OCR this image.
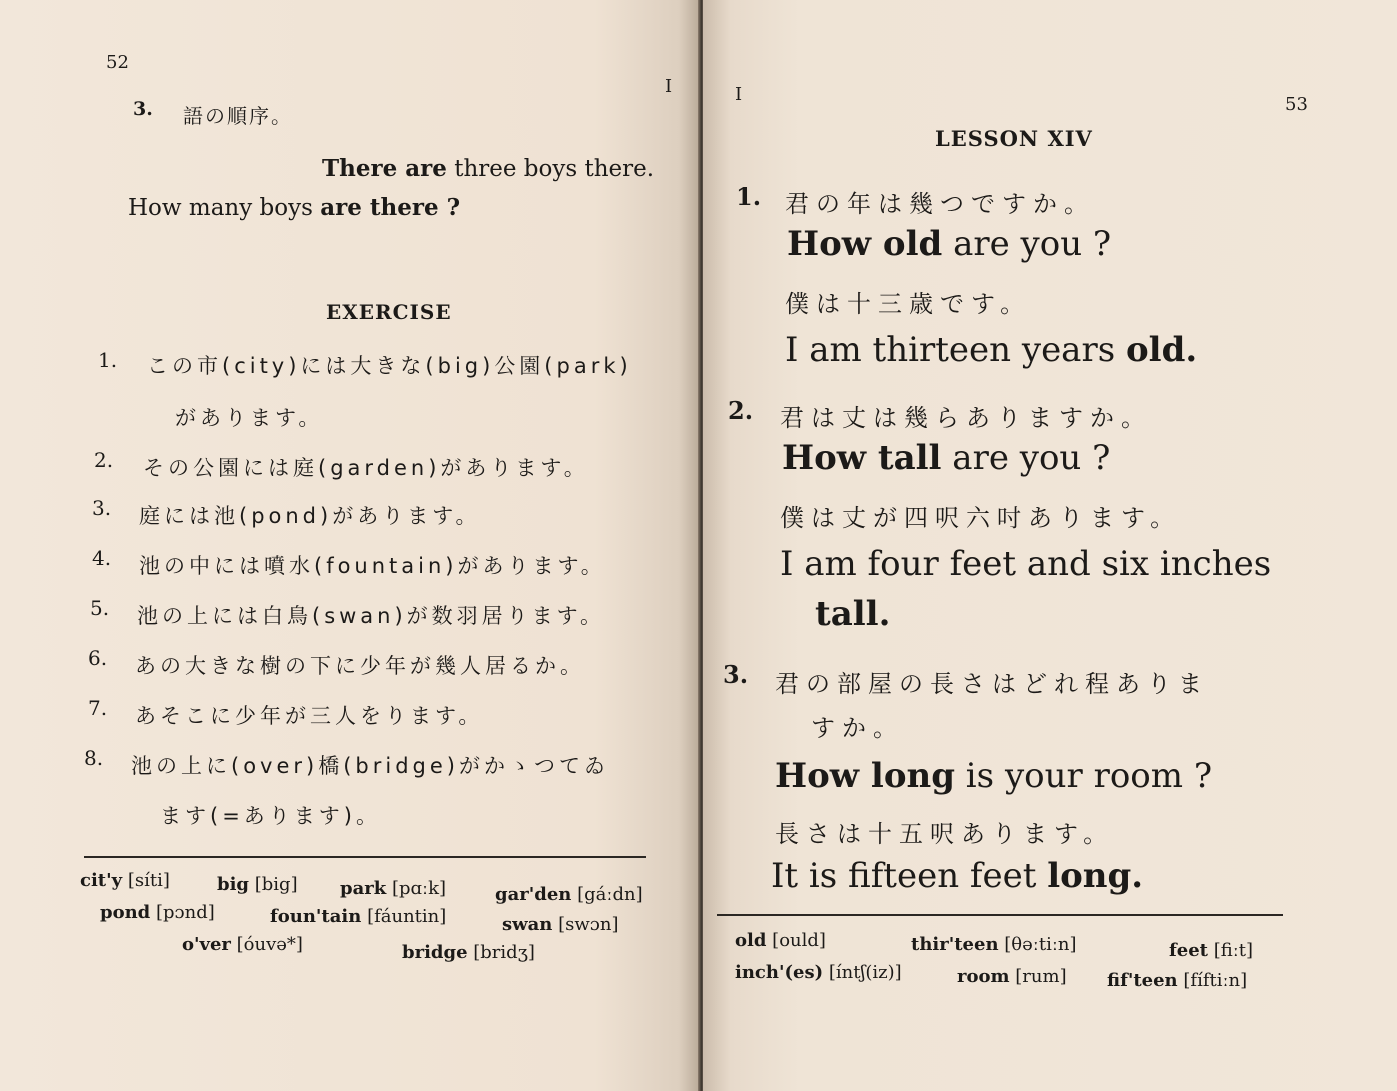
52
I
3. 語の順序。
There are three boys there.
How many boys are there ?
EXERCISE
1. この市(city)には大きな(big)公園(park)
があります。
2. その公園には庭(garden)があります。
3. 庭には池(pond)があります。
4. 池の中には噴水(fountain)があります。
5. 池の上には白鳥(swan)が数羽居ります。
6. あの大きな樹の下に少年が幾人居るか。
7. あそこに少年が三人をります。
8. 池の上に(over)橋(bridge)がかゝつてゐ
ます(=あります)。
cit'y [síti]	big [big] park [pɑːk]	gar'den [gáːdn]
pond [pɔnd]	foun'tain [fáuntin]	swan [swɔn]
o'ver [óuvə*]	bridge [bridʒ]
I	53
LESSON XIV
1. 君の年は幾つですか。
How old are you ?
僕は十三歳です。
I am thirteen years old.
2. 君は丈は幾らありますか。
How tall are you ?
僕は丈が四呎六吋あります。
I am four feet and six inches
tall.
3. 君の部屋の長さはどれ程ありま
すか。
How long is your room ?
長さは十五呎あります。
It is fifteen feet long.
old [ould]	thir'teen [θəːtiːn]	feet [fiːt]
inch'(es) [íntʃ(iz)]	room [rum] fif'teen [fíftiːn]
